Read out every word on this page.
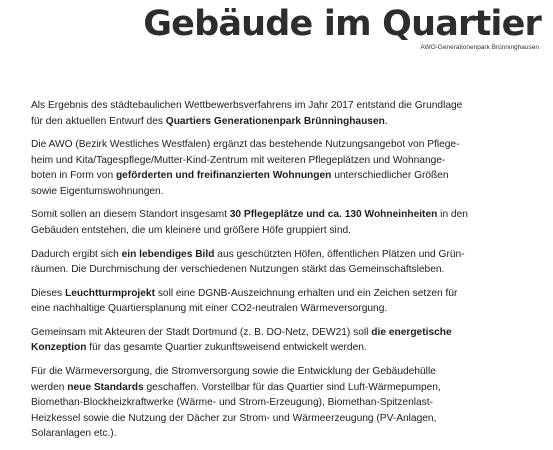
Gebäude im Quartier
AWO-Generationenpark Brünninghausen

Als Ergebnis des städtebaulichen Wettbewerbsverfahrens im Jahr 2017 entstand die Grundlage
für den aktuellen Entwurf des Quartiers Generationenpark Brünninghausen.

Die AWO (Bezirk Westliches Westfalen) ergänzt das bestehende Nutzungsangebot von Pflege-
heim und Kita/Tagespflege/Mutter-Kind-Zentrum mit weiteren Pflegeplätzen und Wohnange-
boten in Form von geförderten und freifinanzierten Wohnungen unterschiedlicher Größen
sowie Eigentumswohnungen.

Somit sollen an diesem Standort insgesamt 30 Pflegeplätze und ca. 130 Wohneinheiten in den
Gebäuden entstehen, die um kleinere und größere Höfe gruppiert sind.

Dadurch ergibt sich ein lebendiges Bild aus geschützten Höfen, öffentlichen Plätzen und Grün-
räumen. Die Durchmischung der verschiedenen Nutzungen stärkt das Gemeinschaftsleben.

Dieses Leuchtturmprojekt soll eine DGNB-Auszeichnung erhalten und ein Zeichen setzen für
eine nachhaltige Quartiersplanung mit einer CO2-neutralen Wärmeversorgung.

Gemeinsam mit Akteuren der Stadt Dortmund (z. B. DO-Netz, DEW21) soll die energetische
Konzeption für das gesamte Quartier zukunftsweisend entwickelt werden.

Für die Wärmeversorgung, die Stromversorgung sowie die Entwicklung der Gebäudehülle
werden neue Standards geschaffen. Vorstellbar für das Quartier sind Luft-Wärmepumpen,
Biomethan-Blockheizkraftwerke (Wärme- und Strom-Erzeugung), Biomethan-Spitzenlast-
Heizkessel sowie die Nutzung der Dächer zur Strom- und Wärmeerzeugung (PV-Anlagen,
Solaranlagen etc.).
